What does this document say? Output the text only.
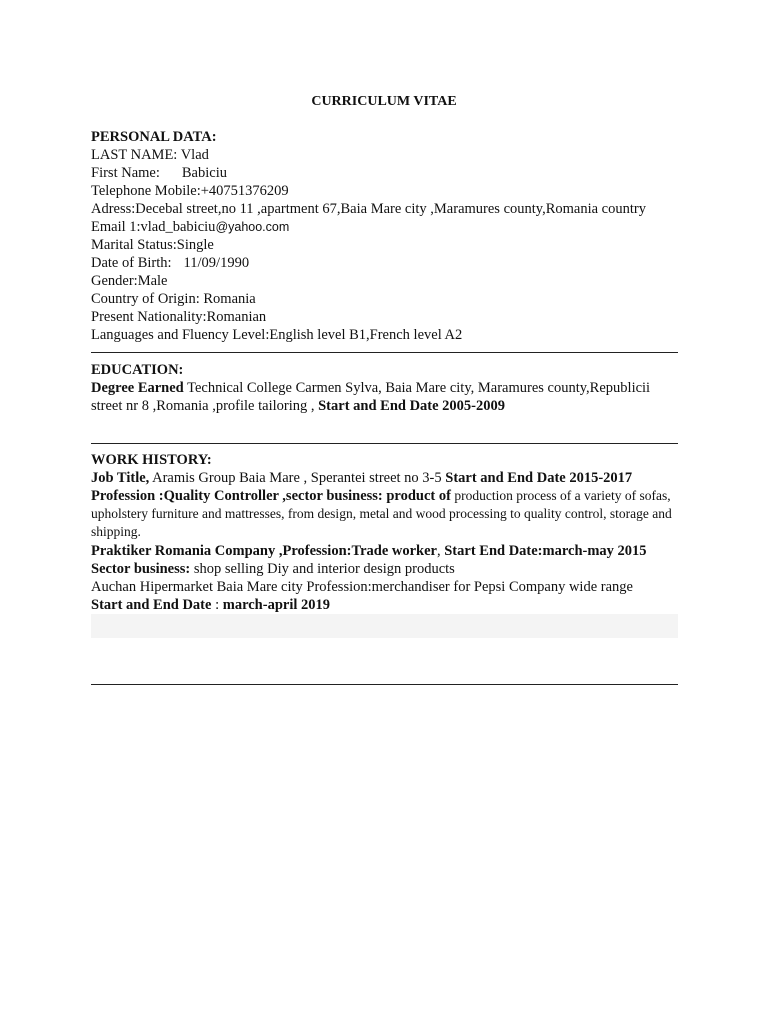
CURRICULUM VITAE
PERSONAL DATA:
LAST NAME: Vlad
First Name: Babiciu
Telephone Mobile:+40751376209
Adress:Decebal street,no 11 ,apartment 67,Baia Mare city ,Maramures county,Romania country
Email 1:vlad_babiciu@yahoo.com
Marital Status:Single
Date of Birth: 11/09/1990
Gender:Male
Country of Origin: Romania
Present Nationality:Romanian
Languages and Fluency Level:English level B1,French level A2
EDUCATION:
Degree Earned Technical College Carmen Sylva, Baia Mare city, Maramures county,Republicii street nr 8 ,Romania ,profile tailoring , Start and End Date 2005-2009
WORK HISTORY:
Job Title, Aramis Group Baia Mare , Sperantei street no 3-5 Start and End Date 2015-2017
Profession :Quality Controller ,sector business: product of production process of a variety of sofas, upholstery furniture and mattresses, from design, metal and wood processing to quality control, storage and shipping.
Praktiker Romania Company ,Profession:Trade worker, Start End Date:march-may 2015
Sector business: shop selling Diy and interior design products
Auchan Hipermarket Baia Mare city Profession:merchandiser for Pepsi Company wide range
Start and End Date : march-april 2019
